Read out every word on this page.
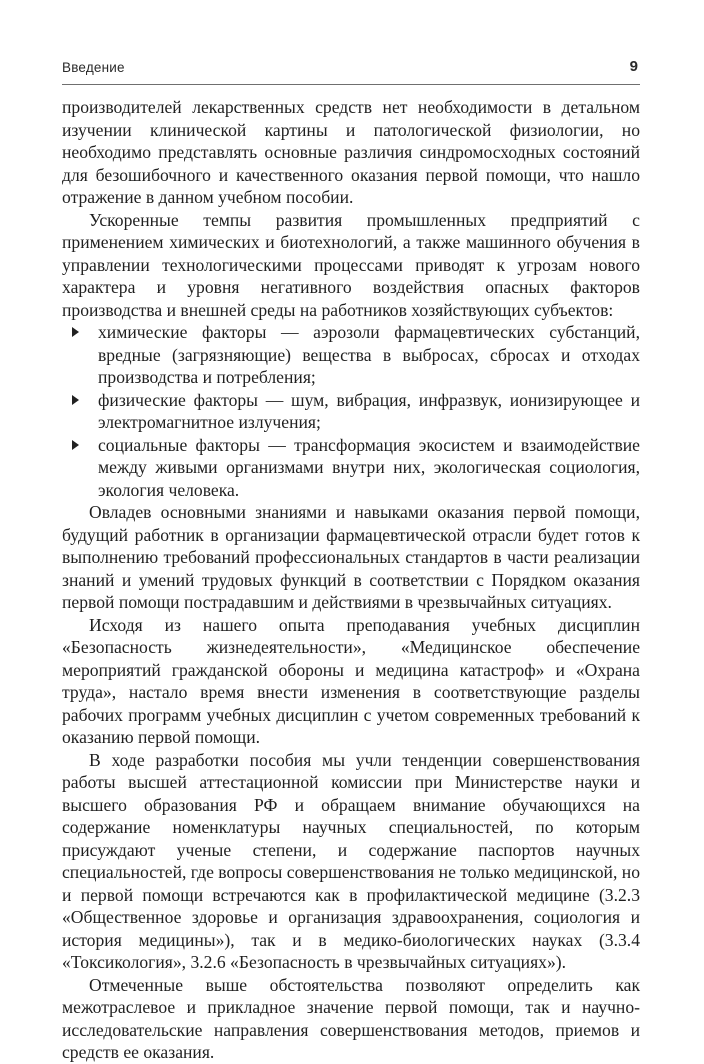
Введение	9

производителей лекарственных средств нет необходимости в детальном изучении клинической картины и патологической физиологии, но необходимо представлять основные различия синдромосходных состояний для безошибочного и качественного оказания первой помощи, что нашло отражение в данном учебном пособии.

Ускоренные темпы развития промышленных предприятий с применением химических и биотехнологий, а также машинного обучения в управлении технологическими процессами приводят к угрозам нового характера и уровня негативного воздействия опасных факторов производства и внешней среды на работников хозяйствующих субъектов:

химические факторы — аэрозоли фармацевтических субстанций, вредные (загрязняющие) вещества в выбросах, сбросах и отходах производства и потребления;
физические факторы — шум, вибрация, инфразвук, ионизирующее и электромагнитное излучения;
социальные факторы — трансформация экосистем и взаимодействие между живыми организмами внутри них, экологическая социология, экология человека.

Овладев основными знаниями и навыками оказания первой помощи, будущий работник в организации фармацевтической отрасли будет готов к выполнению требований профессиональных стандартов в части реализации знаний и умений трудовых функций в соответствии с Порядком оказания первой помощи пострадавшим и действиями в чрезвычайных ситуациях.

Исходя из нашего опыта преподавания учебных дисциплин «Безопасность жизнедеятельности», «Медицинское обеспечение мероприятий гражданской обороны и медицина катастроф» и «Охрана труда», настало время внести изменения в соответствующие разделы рабочих программ учебных дисциплин с учетом современных требований к оказанию первой помощи.

В ходе разработки пособия мы учли тенденции совершенствования работы высшей аттестационной комиссии при Министерстве науки и высшего образования РФ и обращаем внимание обучающихся на содержание номенклатуры научных специальностей, по которым присуждают ученые степени, и содержание паспортов научных специальностей, где вопросы совершенствования не только медицинской, но и первой помощи встречаются как в профилактической медицине (3.2.3 «Общественное здоровье и организация здравоохранения, социология и история медицины»), так и в медико-биологических науках (3.3.4 «Токсикология», 3.2.6 «Безопасность в чрезвычайных ситуациях»).

Отмеченные выше обстоятельства позволяют определить как межотраслевое и прикладное значение первой помощи, так и научно-исследовательские направления совершенствования методов, приемов и средств ее оказания.
